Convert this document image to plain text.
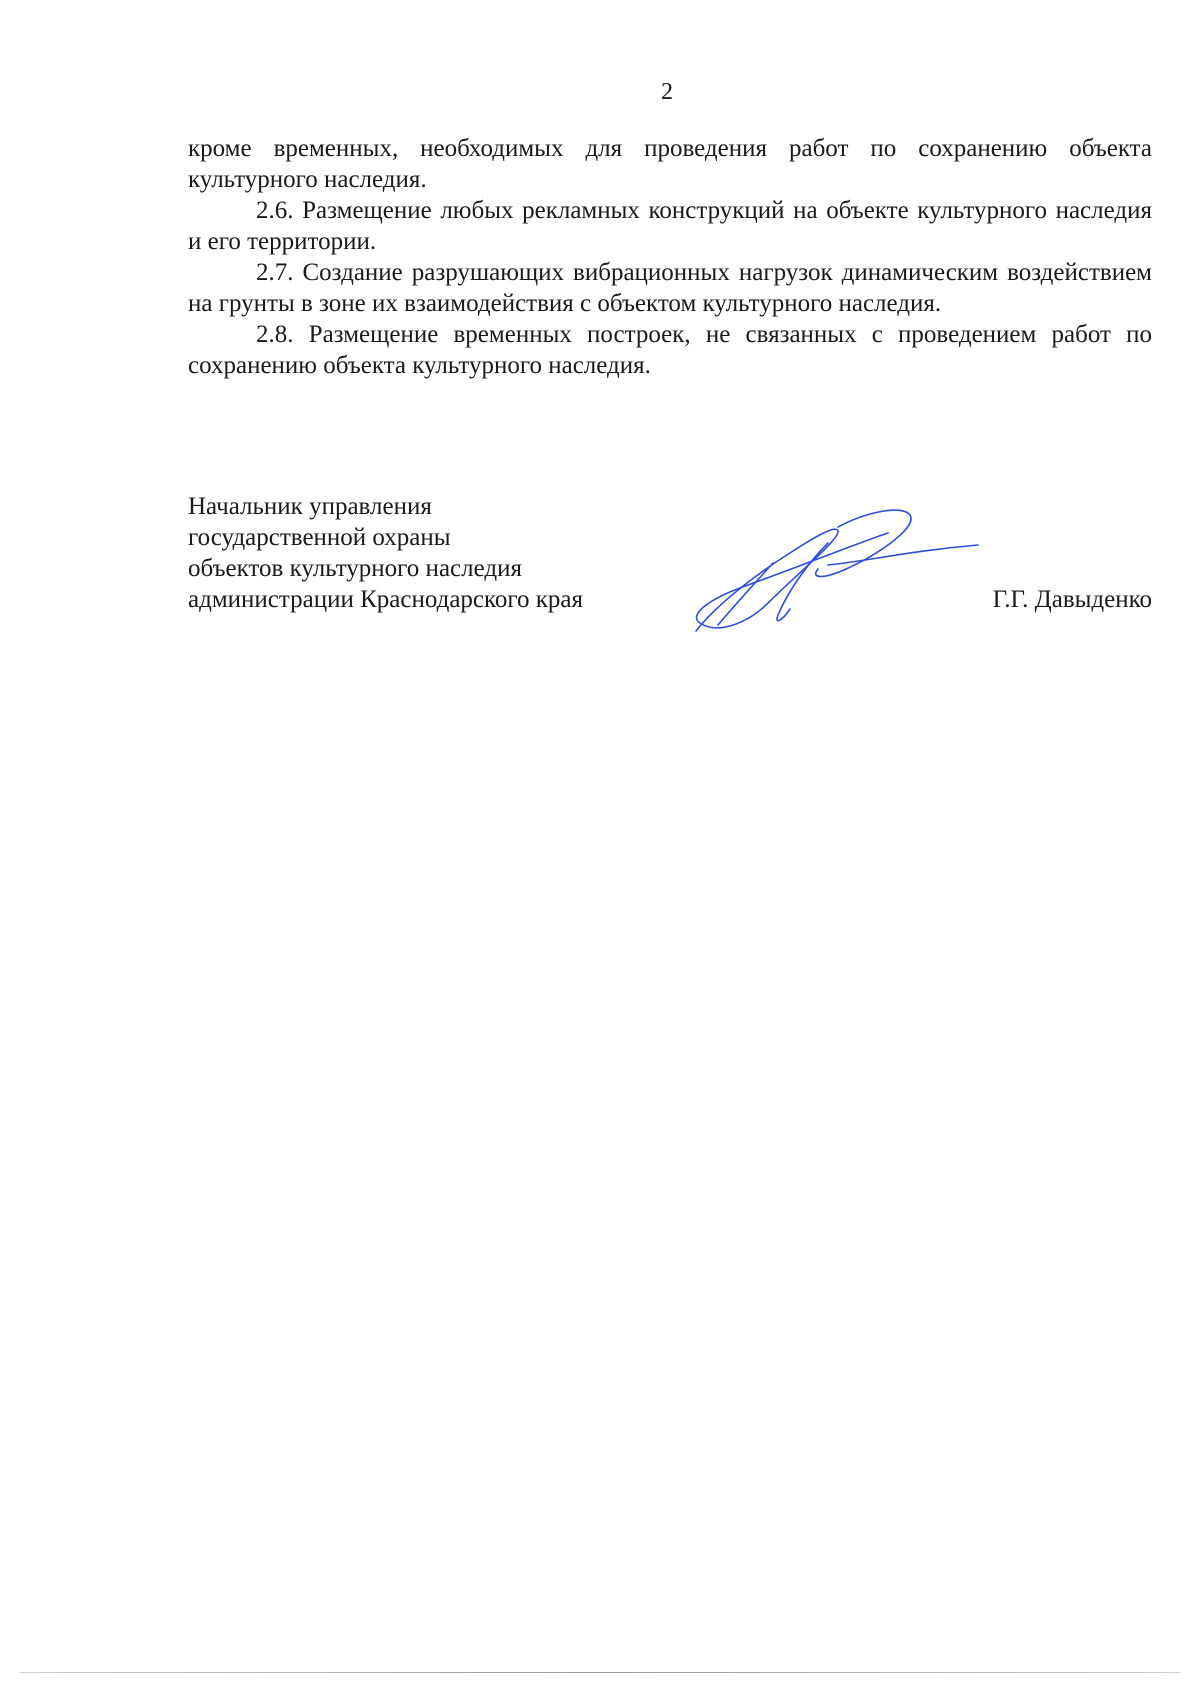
2

кроме временных, необходимых для проведения работ по сохранению объекта культурного наследия.

2.6. Размещение любых рекламных конструкций на объекте культурного наследия и его территории.

2.7. Создание разрушающих вибрационных нагрузок динамическим воздействием на грунты в зоне их взаимодействия с объектом культурного наследия.

2.8. Размещение временных построек, не связанных с проведением работ по сохранению объекта культурного наследия.

Начальник управления
государственной охраны
объектов культурного наследия
администрации Краснодарского края	Г.Г. Давыденко
